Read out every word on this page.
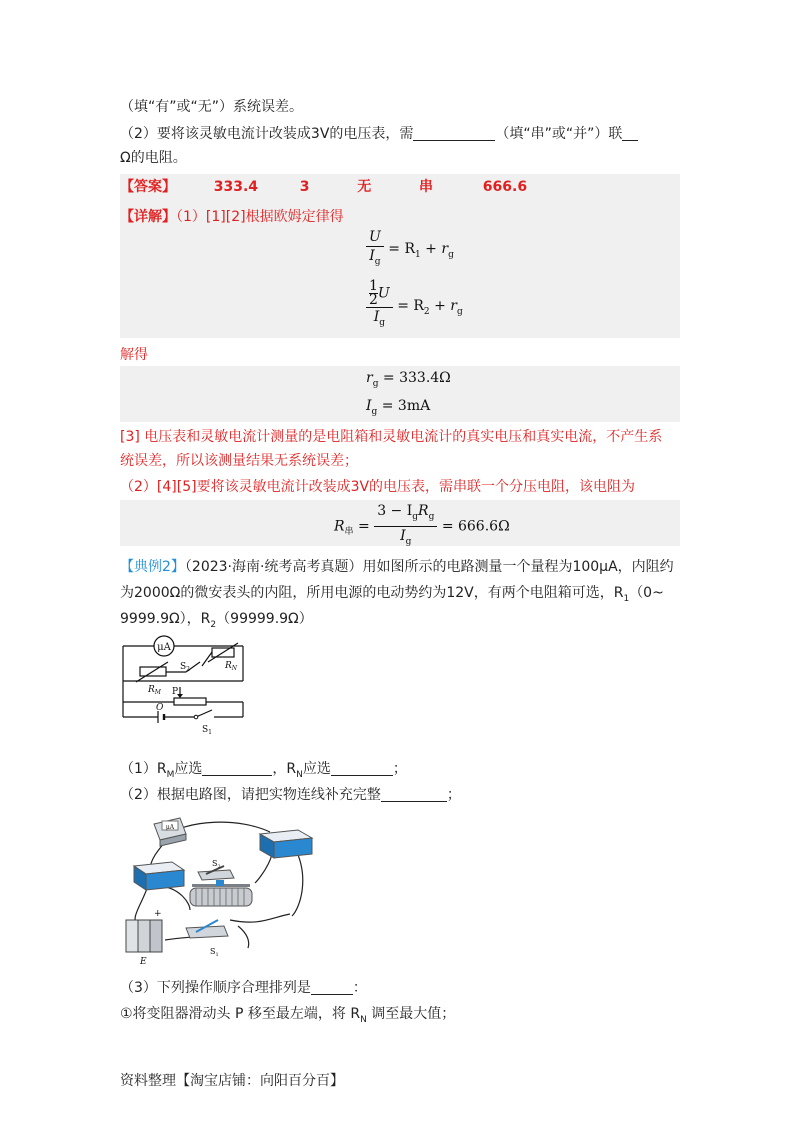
（填“有”或“无”）系统误差。
（2）要将该灵敏电流计改装成3V的电压表，需	（填“串”或“并”）联
Ω的电阻。
【答案】	333.4	3	无	串	666.6
【详解】（1）[1][2]根据欧姆定律得
$\frac{U}{I_g} = R_1 + r_g$
$\frac{\frac{1}{2} U}{I_g} = R_2 + r_g$
解得
$r_g = 333.4\Omega$
$I_g = 3mA$
[3] 电压表和灵敏电流计测量的是电阻箱和灵敏电流计的真实电压和真实电流，不产生系
统误差，所以该测量结果无系统误差；
（2）[4][5]要将该灵敏电流计改装成3V的电压表，需串联一个分压电阻，该电阻为
$R_串 = \frac{3 - I_gR_g}{I_g} = 666.6\Omega$
【典例2】（2023·海南·统考高考真题）用如图所示的电路测量一个量程为100μA，内阻约
为2000Ω的微安表头的内阻，所用电源的电动势约为12V，有两个电阻箱可选，$R_1(0\sim$
9999.9Ω），$R_2(99999.9\Omega)$
μA
$S_2$	$R_N$
$R_M$ P
O
$S_1$
$(1)R_M$应选	，$R_N$应选	；
（2）根据电路图，请把实物连线补充完整	；
μA
$S_2$
$S_1$
+
E
（3）下列操作顺序合理排列是	：
①将变阻器滑动头 P 移至最左端，将 $R_N$ 调至最大值；
资料整理【淘宝店铺：向阳百分百】
